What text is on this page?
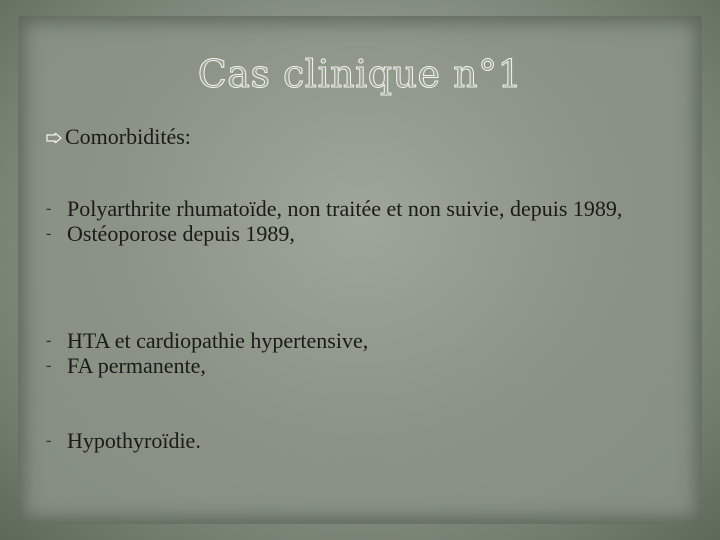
Cas clinique n°1
Comorbidités:
- Polyarthrite rhumatoïde, non traitée et non suivie, depuis 1989,
- Ostéoporose depuis 1989,
- HTA et cardiopathie hypertensive,
- FA permanente,
- Hypothyroïdie.
